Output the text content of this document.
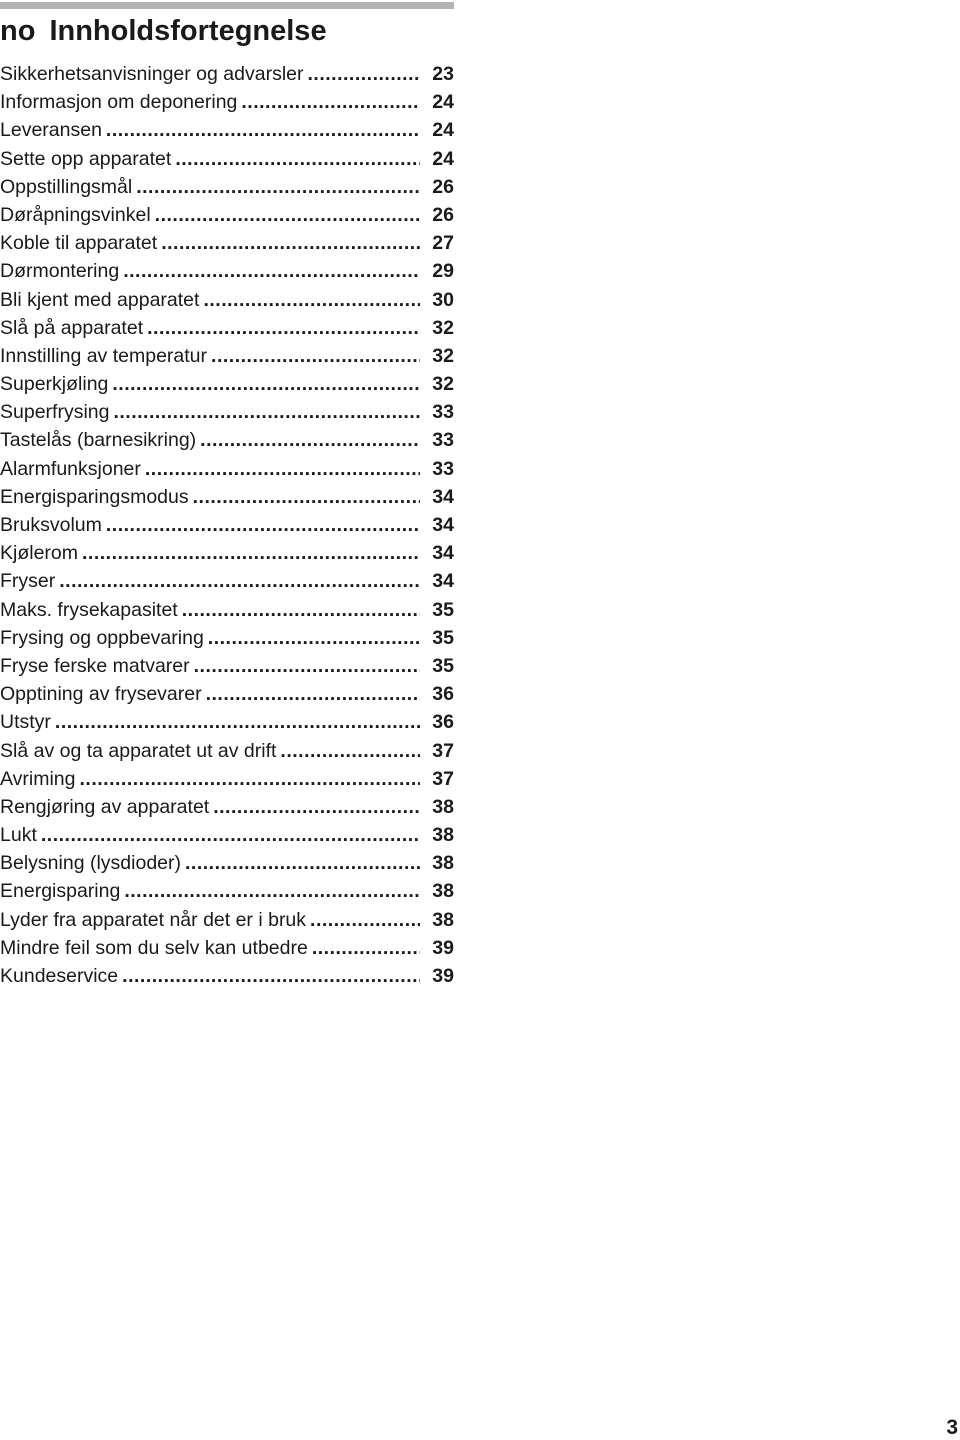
no Innholdsfortegnelse
Sikkerhetsanvisninger og advarsler .....	23
Informasjon om deponering .....	24
Leveransen .....	24
Sette opp apparatet .....	24
Oppstillingsmål .....	26
Døråpningsvinkel .....	26
Koble til apparatet .....	27
Dørmontering .....	29
Bli kjent med apparatet .....	30
Slå på apparatet .....	32
Innstilling av temperatur .....	32
Superkjøling .....	32
Superfrysing .....	33
Tastelås (barnesikring) .....	33
Alarmfunksjoner .....	33
Energisparingsmodus .....	34
Bruksvolum .....	34
Kjølerom .....	34
Fryser .....	34
Maks. frysekapasitet .....	35
Frysing og oppbevaring .....	35
Fryse ferske matvarer .....	35
Opptining av frysevarer .....	36
Utstyr .....	36
Slå av og ta apparatet ut av drift .....	37
Avriming .....	37
Rengjøring av apparatet .....	38
Lukt .....	38
Belysning (lysdioder) .....	38
Energisparing .....	38
Lyder fra apparatet når det er i bruk .....	38
Mindre feil som du selv kan utbedre .....	39
Kundeservice .....	39
3
